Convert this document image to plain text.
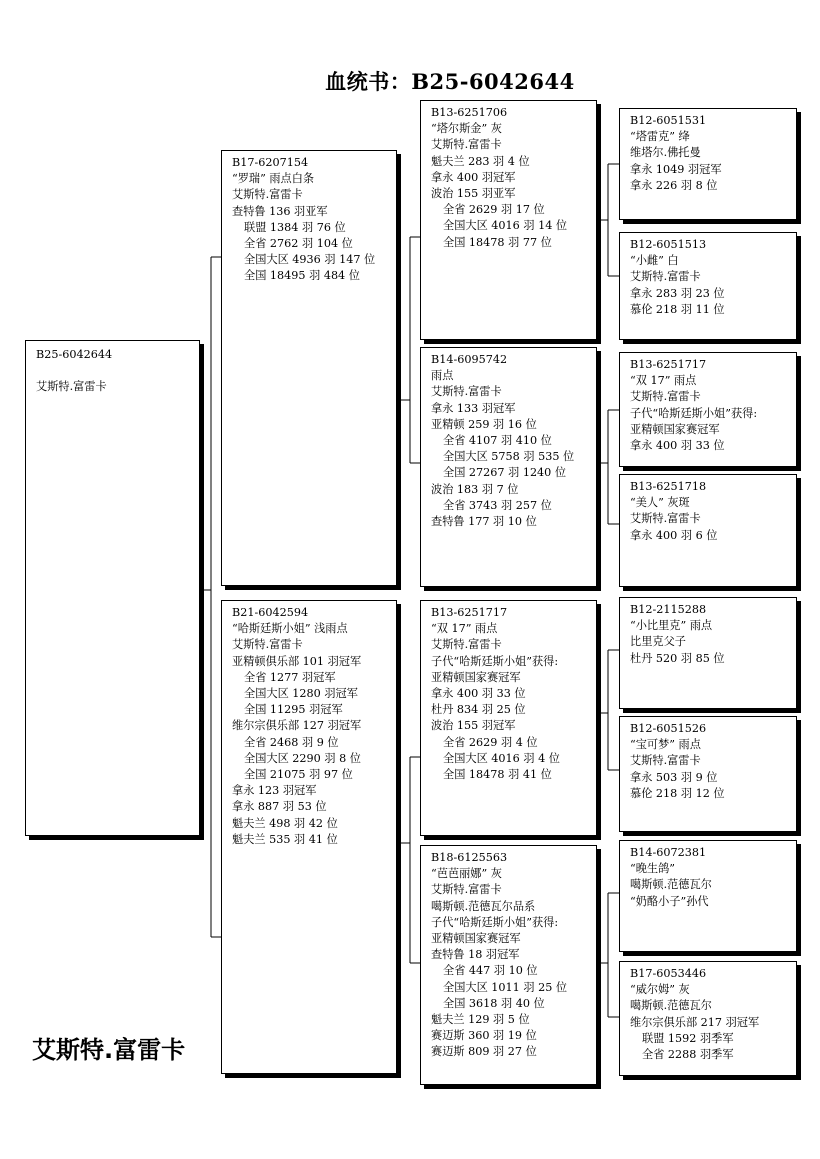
血统书：B25-6042644
B25-6042644
艾斯特.富雷卡
B17-6207154
“罗瑞” 雨点白条
艾斯特.富雷卡
查特鲁 136 羽亚军
联盟 1384 羽 76 位
全省 2762 羽 104 位
全国大区 4936 羽 147 位
全国 18495 羽 484 位
B21-6042594
“哈斯廷斯小姐” 浅雨点
艾斯特.富雷卡
亚精顿俱乐部 101 羽冠军
全省 1277 羽冠军
全国大区 1280 羽冠军
全国 11295 羽冠军
维尔宗俱乐部 127 羽冠军
全省 2468 羽 9 位
全国大区 2290 羽 8 位
全国 21075 羽 97 位
拿永 123 羽冠军
拿永 887 羽 53 位
魁夫兰 498 羽 42 位
魁夫兰 535 羽 41 位
B13-6251706
“塔尔斯金” 灰
艾斯特.富雷卡
魁夫兰 283 羽 4 位
拿永 400 羽冠军
波治 155 羽亚军
全省 2629 羽 17 位
全国大区 4016 羽 14 位
全国 18478 羽 77 位
B14-6095742
雨点
艾斯特.富雷卡
拿永 133 羽冠军
亚精顿 259 羽 16 位
全省 4107 羽 410 位
全国大区 5758 羽 535 位
全国 27267 羽 1240 位
波治 183 羽 7 位
全省 3743 羽 257 位
查特鲁 177 羽 10 位
B13-6251717
“双 17” 雨点
艾斯特.富雷卡
子代“哈斯廷斯小姐”获得:
亚精顿国家赛冠军
拿永 400 羽 33 位
杜丹 834 羽 25 位
波治 155 羽冠军
全省 2629 羽 4 位
全国大区 4016 羽 4 位
全国 18478 羽 41 位
B18-6125563
“芭芭丽娜” 灰
艾斯特.富雷卡
噶斯顿.范德瓦尔品系
子代“哈斯廷斯小姐”获得:
亚精顿国家赛冠军
查特鲁 18 羽冠军
全省 447 羽 10 位
全国大区 1011 羽 25 位
全国 3618 羽 40 位
魁夫兰 129 羽 5 位
赛迈斯 360 羽 19 位
赛迈斯 809 羽 27 位
B12-6051531
“塔雷克” 绛
维塔尔.佛托曼
拿永 1049 羽冠军
拿永 226 羽 8 位
B12-6051513
“小雌” 白
艾斯特.富雷卡
拿永 283 羽 23 位
慕伦 218 羽 11 位
B13-6251717
“双 17” 雨点
艾斯特.富雷卡
子代“哈斯廷斯小姐”获得:
亚精顿国家赛冠军
拿永 400 羽 33 位
B13-6251718
“美人” 灰斑
艾斯特.富雷卡
拿永 400 羽 6 位
B12-2115288
“小比里克” 雨点
比里克父子
杜丹 520 羽 85 位
B12-6051526
“宝可梦” 雨点
艾斯特.富雷卡
拿永 503 羽 9 位
慕伦 218 羽 12 位
B14-6072381
“晚生鸽”
噶斯顿.范德瓦尔
“奶酪小子”孙代
B17-6053446
“威尔姆” 灰
噶斯顿.范德瓦尔
维尔宗俱乐部 217 羽冠军
联盟 1592 羽季军
全省 2288 羽季军
艾斯特.富雷卡
